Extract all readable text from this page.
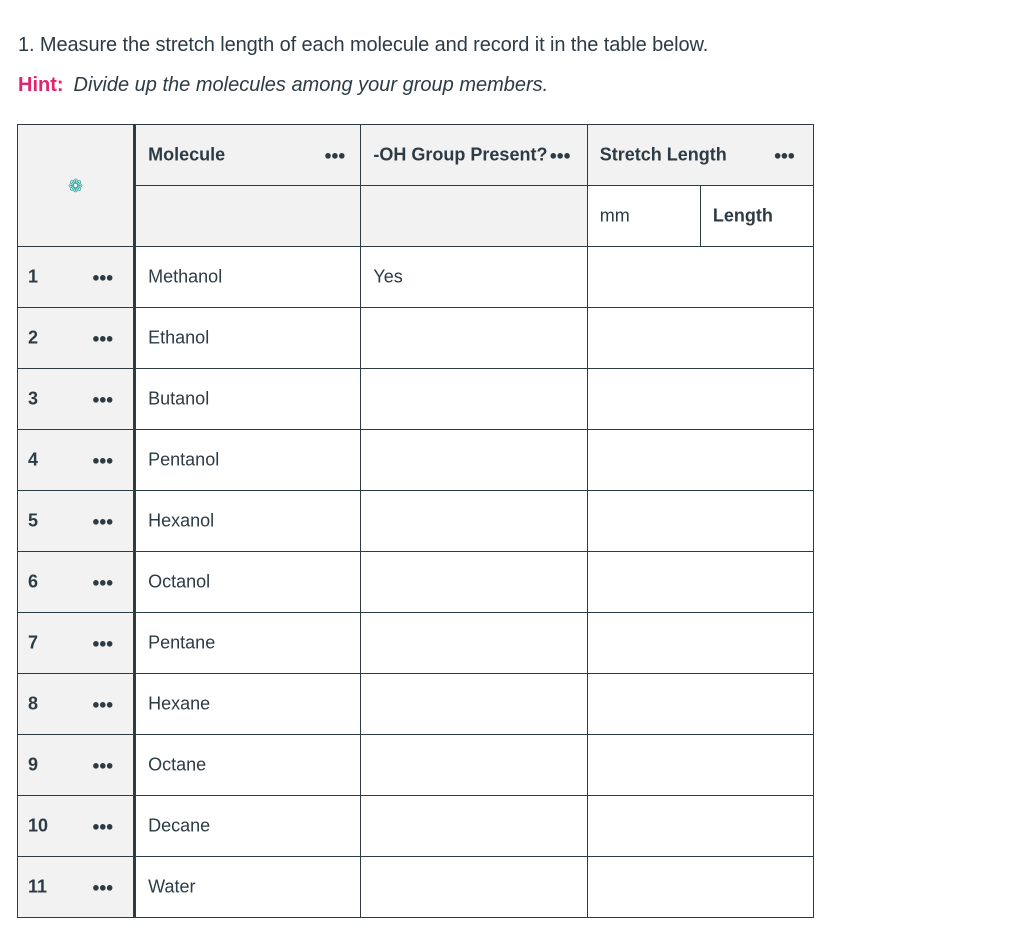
1. Measure the stretch length of each molecule and record it in the table below.
Hint: Divide up the molecules among your group members.
❁	Molecule ●●●	-OH Group Present? ●●●	Stretch Length ●●●	

			mm	Length

1 ●●●	Methanol	Yes		

2 ●●●	Ethanol			

3 ●●●	Butanol			

4 ●●●	Pentanol			

5 ●●●	Hexanol			

6 ●●●	Octanol			

7 ●●●	Pentane			

8 ●●●	Hexane			

9 ●●●	Octane			

10 ●●●	Decane			

11 ●●●	Water			
